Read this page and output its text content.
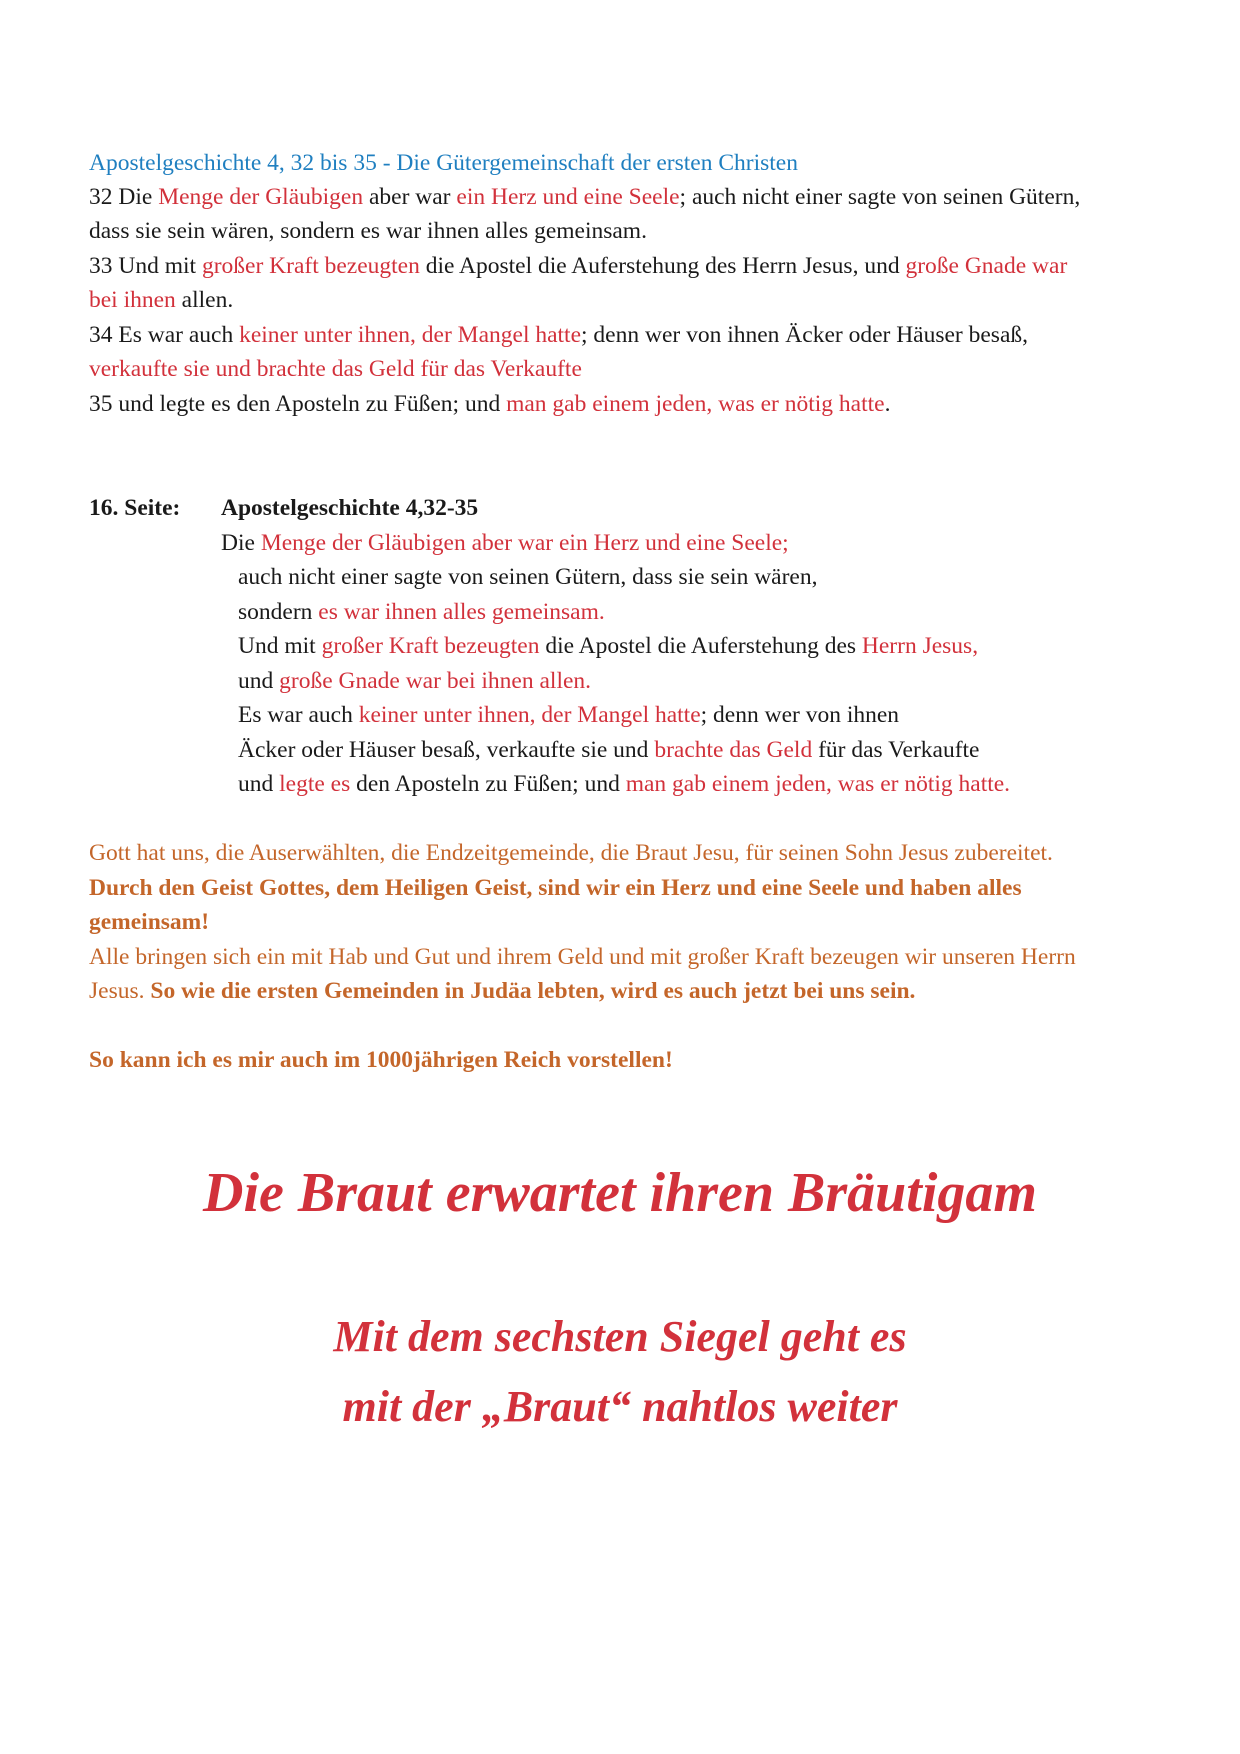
Apostelgeschichte 4, 32 bis 35 - Die Gütergemeinschaft der ersten Christen

32 Die Menge der Gläubigen aber war ein Herz und eine Seele; auch nicht einer sagte von seinen Gütern,

dass sie sein wären, sondern es war ihnen alles gemeinsam.

33 Und mit großer Kraft bezeugten die Apostel die Auferstehung des Herrn Jesus, und große Gnade war

bei ihnen allen.

34 Es war auch keiner unter ihnen, der Mangel hatte; denn wer von ihnen Äcker oder Häuser besaß,

verkaufte sie und brachte das Geld für das Verkaufte

35 und legte es den Aposteln zu Füßen; und man gab einem jeden, was er nötig hatte.

16. Seite: Apostelgeschichte 4,32-35

Die Menge der Gläubigen aber war ein Herz und eine Seele;

auch nicht einer sagte von seinen Gütern, dass sie sein wären,

sondern es war ihnen alles gemeinsam.

Und mit großer Kraft bezeugten die Apostel die Auferstehung des Herrn Jesus,

und große Gnade war bei ihnen allen.

Es war auch keiner unter ihnen, der Mangel hatte; denn wer von ihnen

Äcker oder Häuser besaß, verkaufte sie und brachte das Geld für das Verkaufte

und legte es den Aposteln zu Füßen; und man gab einem jeden, was er nötig hatte.

Gott hat uns, die Auserwählten, die Endzeitgemeinde, die Braut Jesu, für seinen Sohn Jesus zubereitet.

Durch den Geist Gottes, dem Heiligen Geist, sind wir ein Herz und eine Seele und haben alles

gemeinsam!

Alle bringen sich ein mit Hab und Gut und ihrem Geld und mit großer Kraft bezeugen wir unseren Herrn

Jesus. So wie die ersten Gemeinden in Judäa lebten, wird es auch jetzt bei uns sein.

So kann ich es mir auch im 1000jährigen Reich vorstellen!

Die Braut erwartet ihren Bräutigam
Mit dem sechsten Siegel geht es
mit der „Braut“ nahtlos weiter
